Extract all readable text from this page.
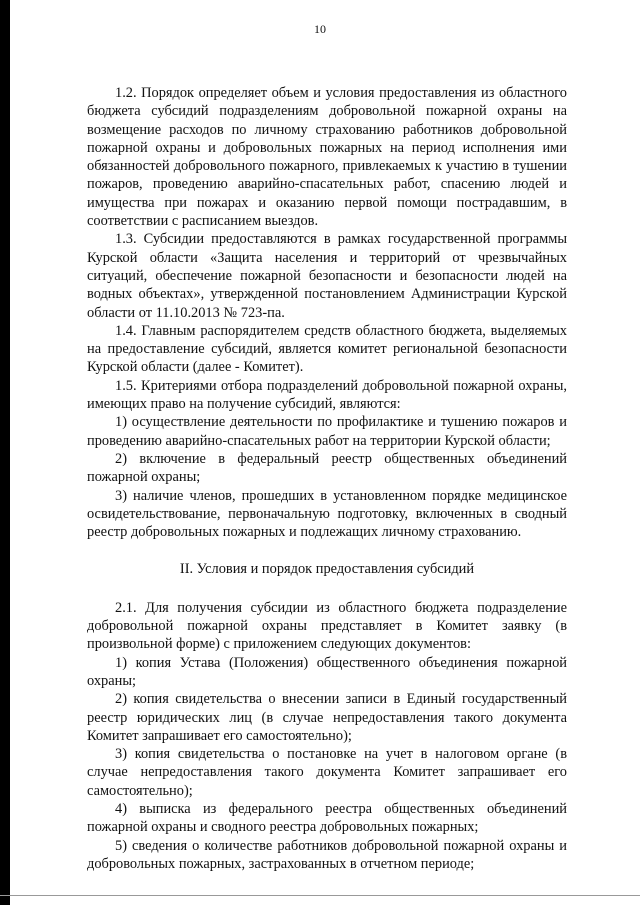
10

1.2. Порядок определяет объем и условия предоставления из областного бюджета субсидий подразделениям добровольной пожарной охраны на возмещение расходов по личному страхованию работников добровольной пожарной охраны и добровольных пожарных на период исполнения ими обязанностей добровольного пожарного, привлекаемых к участию в тушении пожаров, проведению аварийно-спасательных работ, спасению людей и имущества при пожарах и оказанию первой помощи пострадавшим, в соответствии с расписанием выездов.

1.3. Субсидии предоставляются в рамках государственной программы Курской области «Защита населения и территорий от чрезвычайных ситуаций, обеспечение пожарной безопасности и безопасности людей на водных объектах», утвержденной постановлением Администрации Курской области от 11.10.2013 № 723-па.

1.4. Главным распорядителем средств областного бюджета, выделяемых на предоставление субсидий, является комитет региональной безопасности Курской области (далее - Комитет).

1.5. Критериями отбора подразделений добровольной пожарной охраны, имеющих право на получение субсидий, являются:

1) осуществление деятельности по профилактике и тушению пожаров и проведению аварийно-спасательных работ на территории Курской области;

2) включение в федеральный реестр общественных объединений пожарной охраны;

3) наличие членов, прошедших в установленном порядке медицинское освидетельствование, первоначальную подготовку, включенных в сводный реестр добровольных пожарных и подлежащих личному страхованию.

II. Условия и порядок предоставления субсидий

2.1. Для получения субсидии из областного бюджета подразделение добровольной пожарной охраны представляет в Комитет заявку (в произвольной форме) с приложением следующих документов:

1) копия Устава (Положения) общественного объединения пожарной охраны;

2) копия свидетельства о внесении записи в Единый государственный реестр юридических лиц (в случае непредоставления такого документа Комитет запрашивает его самостоятельно);

3) копия свидетельства о постановке на учет в налоговом органе (в случае непредоставления такого документа Комитет запрашивает его самостоятельно);

4) выписка из федерального реестра общественных объединений пожарной охраны и сводного реестра добровольных пожарных;

5) сведения о количестве работников добровольной пожарной охраны и добровольных пожарных, застрахованных в отчетном периоде;
